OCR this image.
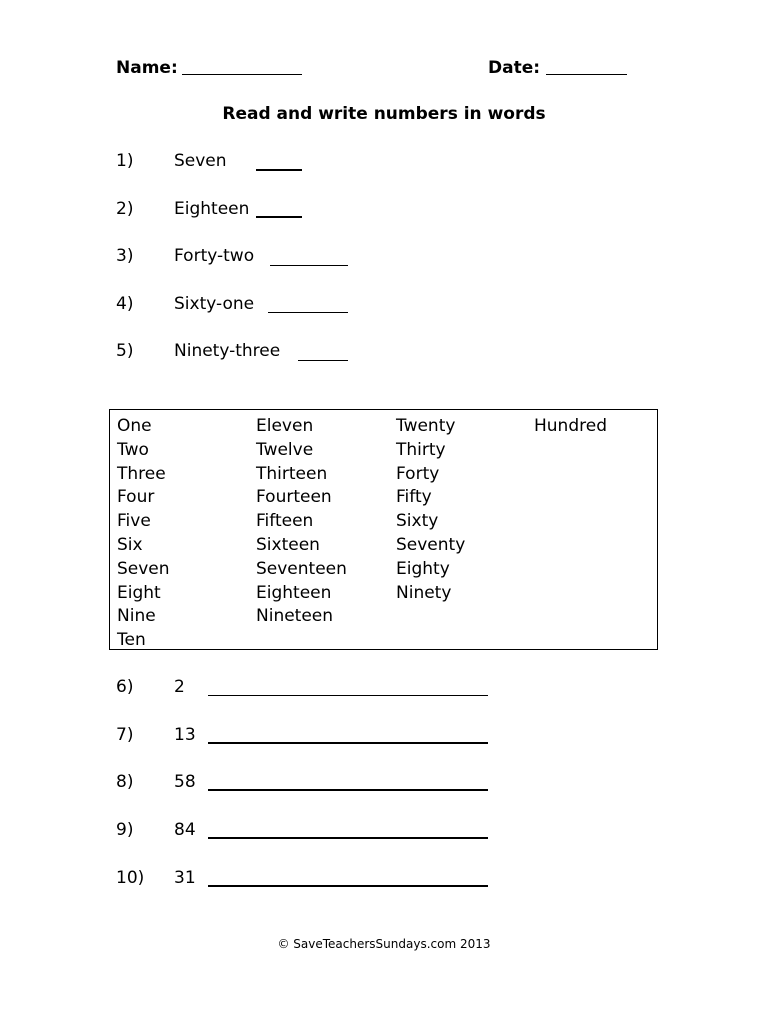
Name:	Date:
Read and write numbers in words
1) Seven
2) Eighteen
3) Forty-two
4) Sixty-one
5) Ninety-three
One
Two
Three
Four
Five
Six
Seven
Eight
Nine
Ten
Eleven
Twelve
Thirteen
Fourteen
Fifteen
Sixteen
Seventeen
Eighteen
Nineteen
Twenty
Thirty
Forty
Fifty
Sixty
Seventy
Eighty
Ninety
Hundred
6) 2
7) 13
8) 58
9) 84
10) 31
© SaveTeachersSundays.com 2013
